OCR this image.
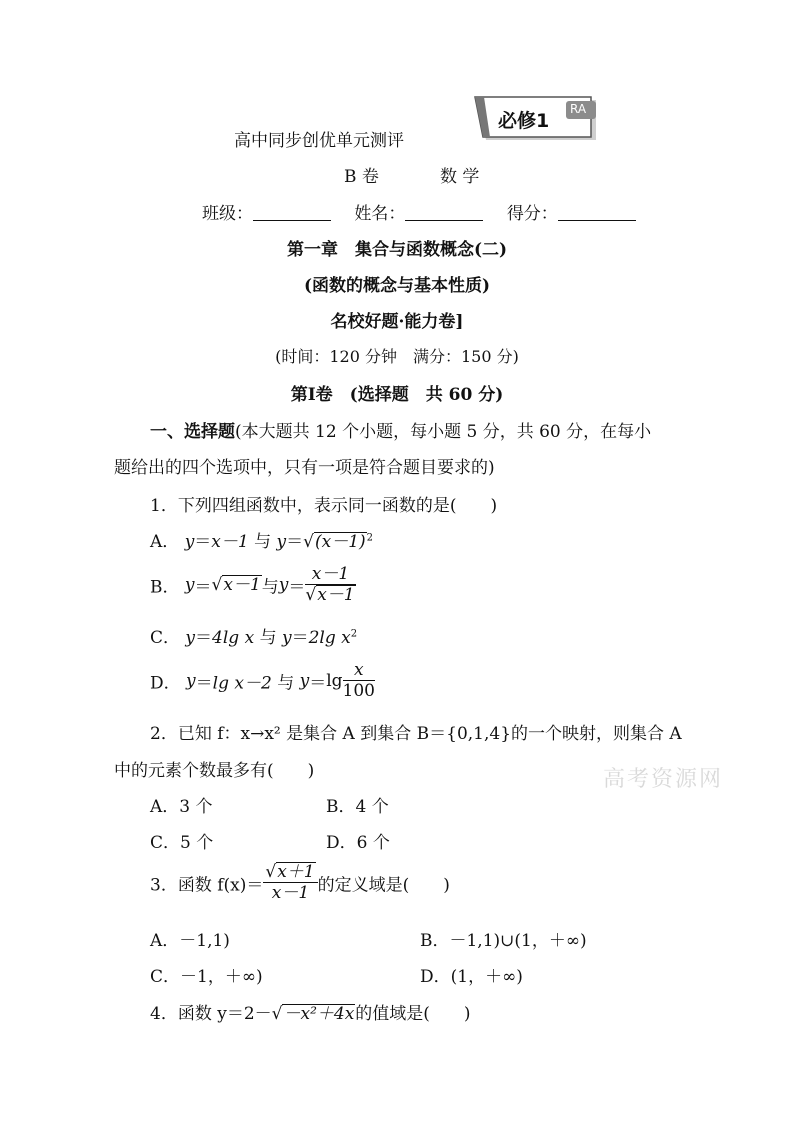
必修1
RA
高中同步创优单元测评
B 卷	数 学
班级：	姓名：	得分：
第一章　集合与函数概念(二)
(函数的概念与基本性质)
名校好题·能力卷]
(时间：120 分钟　满分：150 分)
第Ⅰ卷　(选择题　共 60 分)
一、选择题(本大题共 12 个小题，每小题 5 分，共 60 分，在每小
题给出的四个选项中，只有一项是符合题目要求的)
1．下列四组函数中，表示同一函数的是(　　)
A． y＝x－1 与 $y=√(x-1)^2$
B． y＝√x－1与$y= \frac{x-1}{√x-1}$
C． y＝4lg x 与 y＝2lg $x^2$
D． y＝lg x－2 与 $y=\lg \frac{x}{100}$
2．已知 f：x→x² 是集合 A 到集合 B＝{0,1,4}的一个映射，则集合 A
中的元素个数最多有(　　)
A．3 个	B．4 个
C．5 个	D．6 个
高考资源网
3．函数 $f(x)= \frac{√x+1}{x-1}$ 的定义域是(　　)
A．－1,1)	B．－1,1)∪(1，＋∞)
C．－1，＋∞)	D．(1，＋∞)
4．函数 y＝2－√－x²＋4x的值域是(　　)
